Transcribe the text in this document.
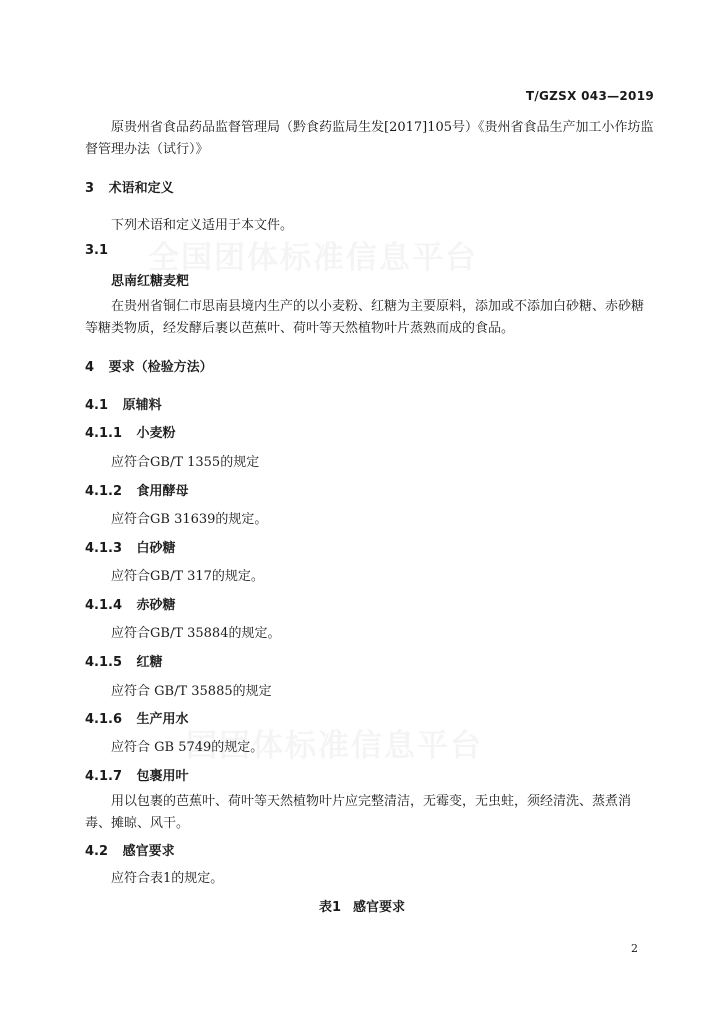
T/GZSX 043—2019
原贵州省食品药品监督管理局（黔食药监局生发[2017]105号）《贵州省食品生产加工小作坊监督管理办法（试行）》
3 术语和定义
下列术语和定义适用于本文件。
3.1
思南红糖麦粑
在贵州省铜仁市思南县境内生产的以小麦粉、红糖为主要原料，添加或不添加白砂糖、赤砂糖等糖类物质，经发酵后裹以芭蕉叶、荷叶等天然植物叶片蒸熟而成的食品。
4 要求（检验方法）
4.1 原辅料
4.1.1 小麦粉
应符合GB/T 1355的规定
4.1.2 食用酵母
应符合GB 31639的规定。
4.1.3 白砂糖
应符合GB/T 317的规定。
4.1.4 赤砂糖
应符合GB/T 35884的规定。
4.1.5 红糖
应符合 GB/T 35885的规定
4.1.6 生产用水
应符合 GB 5749的规定。
4.1.7 包裹用叶
用以包裹的芭蕉叶、荷叶等天然植物叶片应完整清洁，无霉变，无虫蛀，须经清洗、蒸煮消毒、摊晾、风干。
4.2 感官要求
应符合表1的规定。
表1 感官要求
2
